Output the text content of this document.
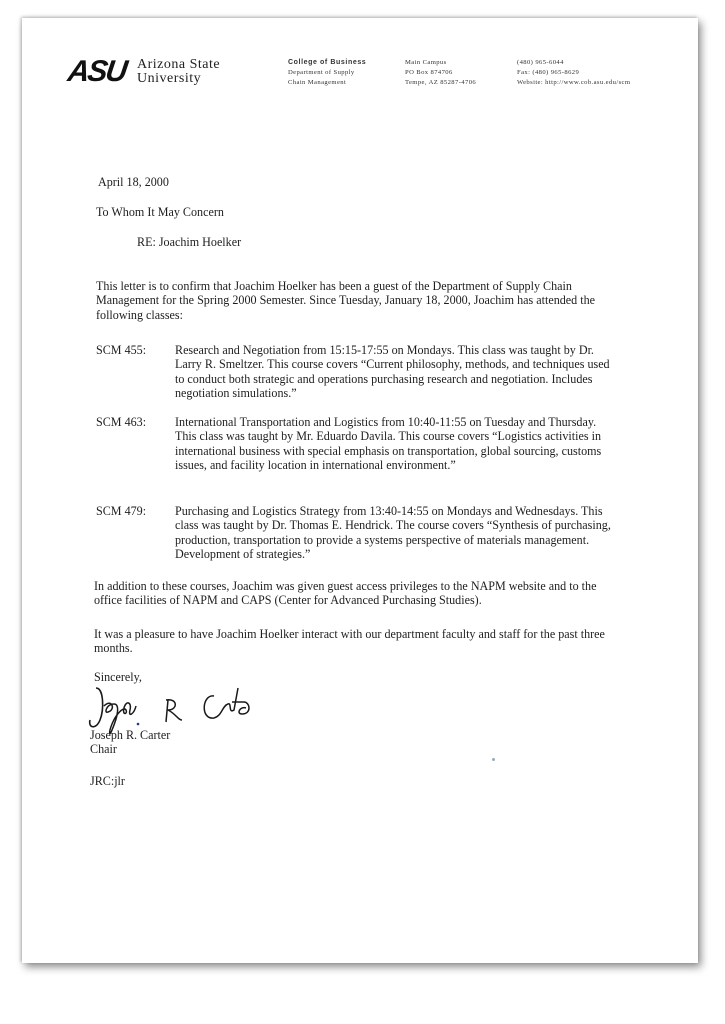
ASU Arizona State
University
College of Business
Department of Supply
Chain Management
Main Campus
PO Box 874706
Tempe, AZ 85287-4706
(480) 965-6044
Fax: (480) 965-8629
Website: http://www.cob.asu.edu/scm
April 18, 2000
To Whom It May Concern
RE: Joachim Hoelker
This letter is to confirm that Joachim Hoelker has been a guest of the Department of Supply Chain Management for the Spring 2000 Semester. Since Tuesday, January 18, 2000, Joachim has attended the following classes:
SCM 455: Research and Negotiation from 15:15-17:55 on Mondays. This class was taught by Dr. Larry R. Smeltzer. This course covers “Current philosophy, methods, and techniques used to conduct both strategic and operations purchasing research and negotiation. Includes negotiation simulations.”
SCM 463: International Transportation and Logistics from 10:40-11:55 on Tuesday and Thursday. This class was taught by Mr. Eduardo Davila. This course covers “Logistics activities in international business with special emphasis on transportation, global sourcing, customs issues, and facility location in international environment.”
SCM 479: Purchasing and Logistics Strategy from 13:40-14:55 on Mondays and Wednesdays. This class was taught by Dr. Thomas E. Hendrick. The course covers “Synthesis of purchasing, production, transportation to provide a systems perspective of materials management. Development of strategies.”
In addition to these courses, Joachim was given guest access privileges to the NAPM website and to the office facilities of NAPM and CAPS (Center for Advanced Purchasing Studies).
It was a pleasure to have Joachim Hoelker interact with our department faculty and staff for the past three months.
Sincerely,
Joseph R. Carter
Chair
JRC:jlr
